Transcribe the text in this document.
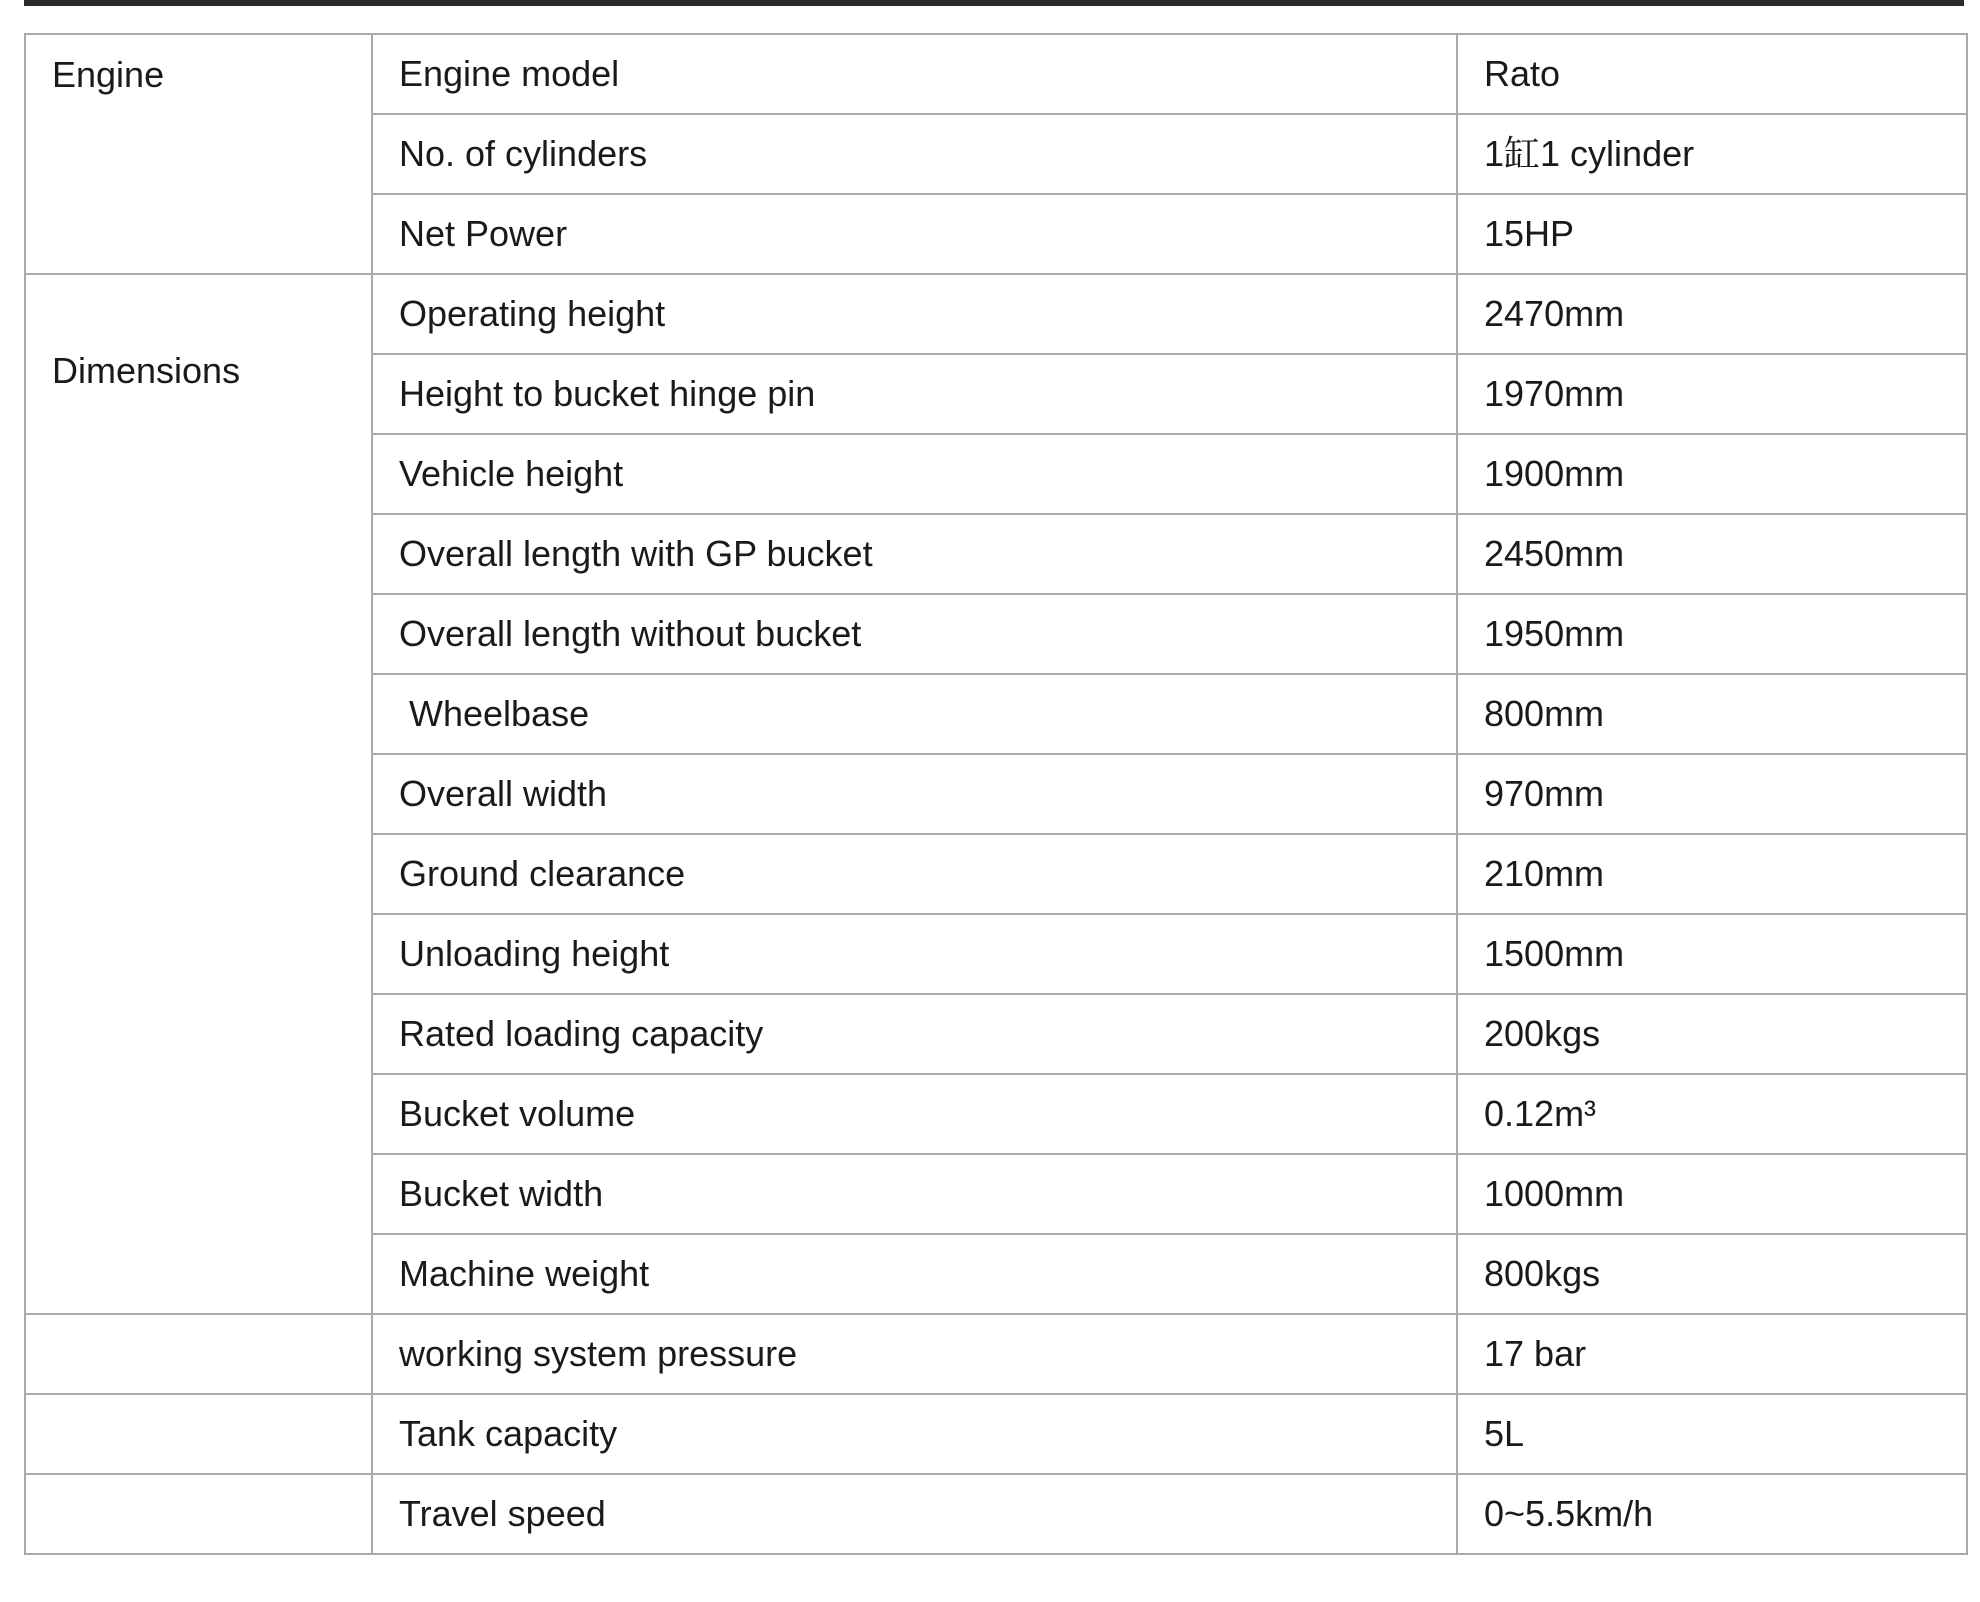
Engine	Engine model	Rato
	No. of cylinders	1缸1 cylinder
	Net Power	15HP
Dimensions	Operating height	2470mm
	Height to bucket hinge pin	1970mm
	Vehicle height	1900mm
	Overall length with GP bucket	2450mm
	Overall length without bucket	1950mm
	Wheelbase	800mm
	Overall width	970mm
	Ground clearance	210mm
	Unloading height	1500mm
	Rated loading capacity	200kgs
	Bucket volume	0.12m³
	Bucket width	1000mm
	Machine weight	800kgs
	working system pressure	17 bar
	Tank capacity	5L
	Travel speed	0~5.5km/h
